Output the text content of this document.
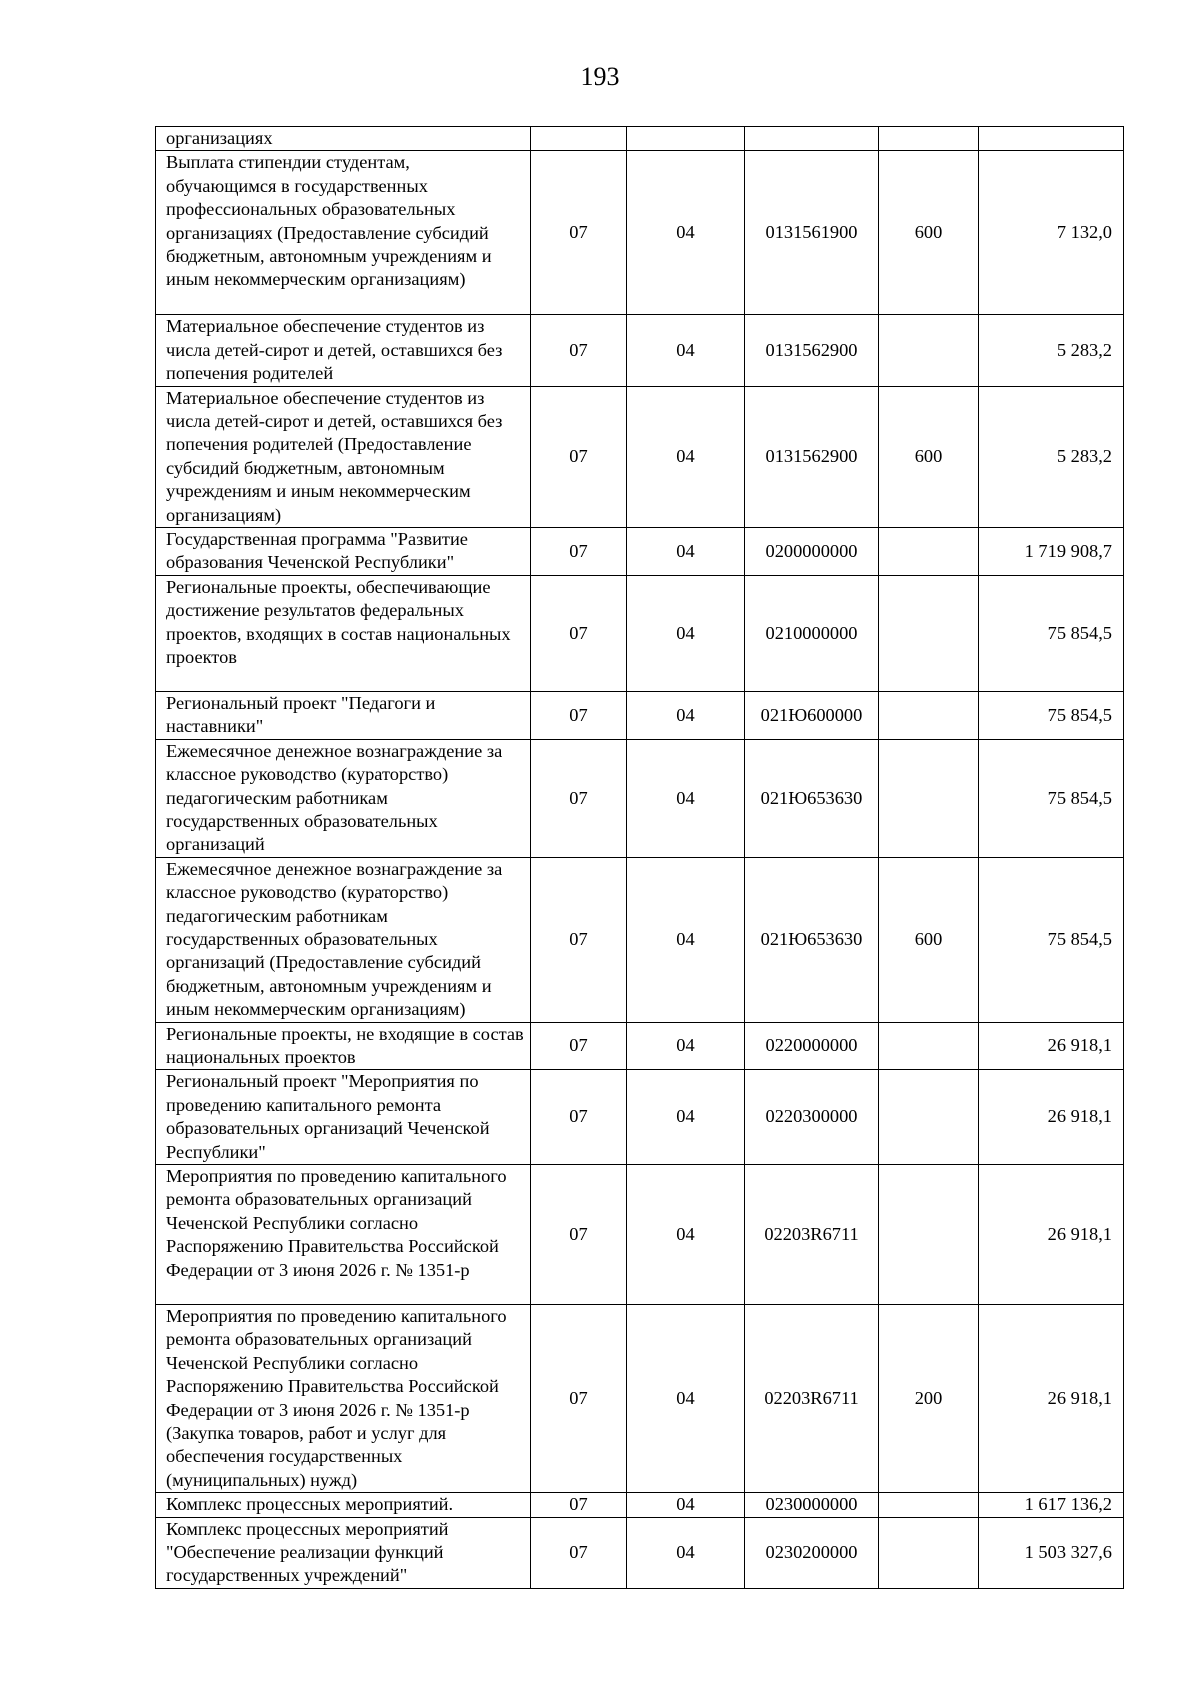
193
организациях					
Выплата стипендии студентам, обучающимся в государственных профессиональных образовательных организациях (Предоставление субсидий бюджетным, автономным учреждениям и иным некоммерческим организациям)	07	04	0131561900	600	7 132,0
Материальное обеспечение студентов из числа детей-сирот и детей, оставшихся без попечения родителей	07	04	0131562900		5 283,2
Материальное обеспечение студентов из числа детей-сирот и детей, оставшихся без попечения родителей (Предоставление субсидий бюджетным, автономным учреждениям и иным некоммерческим организациям)	07	04	0131562900	600	5 283,2
Государственная программа "Развитие образования Чеченской Республики"	07	04	0200000000		1 719 908,7
Региональные проекты, обеспечивающие достижение результатов федеральных проектов, входящих в состав национальных проектов	07	04	0210000000		75 854,5
Региональный проект "Педагоги и наставники"	07	04	021Ю600000		75 854,5
Ежемесячное денежное вознаграждение за классное руководство (кураторство) педагогическим работникам государственных образовательных организаций	07	04	021Ю653630		75 854,5
Ежемесячное денежное вознаграждение за классное руководство (кураторство) педагогическим работникам государственных образовательных организаций (Предоставление субсидий бюджетным, автономным учреждениям и иным некоммерческим организациям)	07	04	021Ю653630	600	75 854,5
Региональные проекты, не входящие в состав национальных проектов	07	04	0220000000		26 918,1
Региональный проект "Мероприятия по проведению капитального ремонта образовательных организаций Чеченской Республики"	07	04	0220300000		26 918,1
Мероприятия по проведению капитального ремонта образовательных организаций Чеченской Республики согласно Распоряжению Правительства Российской Федерации от 3 июня 2026 г. № 1351-р	07	04	02203R6711		26 918,1
Мероприятия по проведению капитального ремонта образовательных организаций Чеченской Республики согласно Распоряжению Правительства Российской Федерации от 3 июня 2026 г. № 1351-р (Закупка товаров, работ и услуг для обеспечения государственных (муниципальных) нужд)	07	04	02203R6711	200	26 918,1
Комплекс процессных мероприятий.	07	04	0230000000		1 617 136,2
Комплекс процессных мероприятий "Обеспечение реализации функций государственных учреждений"	07	04	0230200000		1 503 327,6
